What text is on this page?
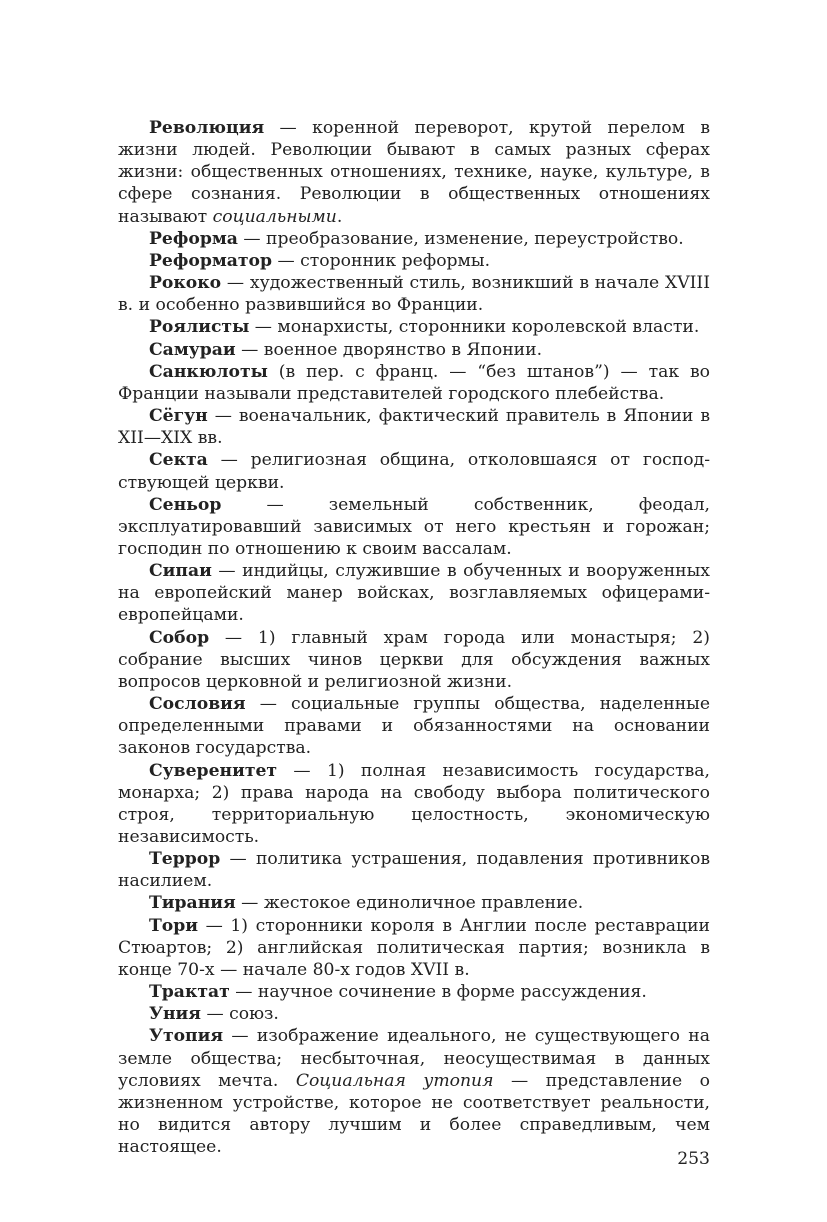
Революция — коренной переворот, крутой перелом в жизни людей. Революции бывают в самых разных сферах жизни: общественных отношениях, технике, науке, культуре, в сфере сознания. Революции в общественных отношениях называют социальными.

Реформа — преобразование, изменение, переустройство.

Реформатор — сторонник реформы.

Рококо — художественный стиль, возникший в начале XVIII в. и особенно развившийся во Франции.

Роялисты — монархисты, сторонники королевской власти.

Самураи — военное дворянство в Японии.

Санкюлоты (в пер. с франц. — “без штанов”) — так во Франции называли представителей городского плебейства.

Сёгун — военачальник, фактический правитель в Японии в XII—XIX вв.

Секта — религиозная община, отколовшаяся от господствующей церкви.

Сеньор — земельный собственник, феодал, эксплуатировавший зависимых от него крестьян и горожан; господин по отношению к своим вассалам.

Сипаи — индийцы, служившие в обученных и вооруженных на европейский манер войсках, возглавляемых офицерами-европейцами.

Собор — 1) главный храм города или монастыря; 2) собрание высших чинов церкви для обсуждения важных вопросов церковной и религиозной жизни.

Сословия — социальные группы общества, наделенные определенными правами и обязанностями на основании законов государства.

Суверенитет — 1) полная независимость государства, монарха; 2) права народа на свободу выбора политического строя, территориальную целостность, экономическую независимость.

Террор — политика устрашения, подавления противников насилием.

Тирания — жестокое единоличное правление.

Тори — 1) сторонники короля в Англии после реставрации Стюартов; 2) английская политическая партия; возникла в конце 70-х — начале 80-х годов XVII в.

Трактат — научное сочинение в форме рассуждения.

Уния — союз.

Утопия — изображение идеального, не существующего на земле общества; несбыточная, неосуществимая в данных условиях мечта. Социальная утопия — представление о жизненном устройстве, которое не соответствует реальности, но видится автору лучшим и более справедливым, чем настоящее.

253
